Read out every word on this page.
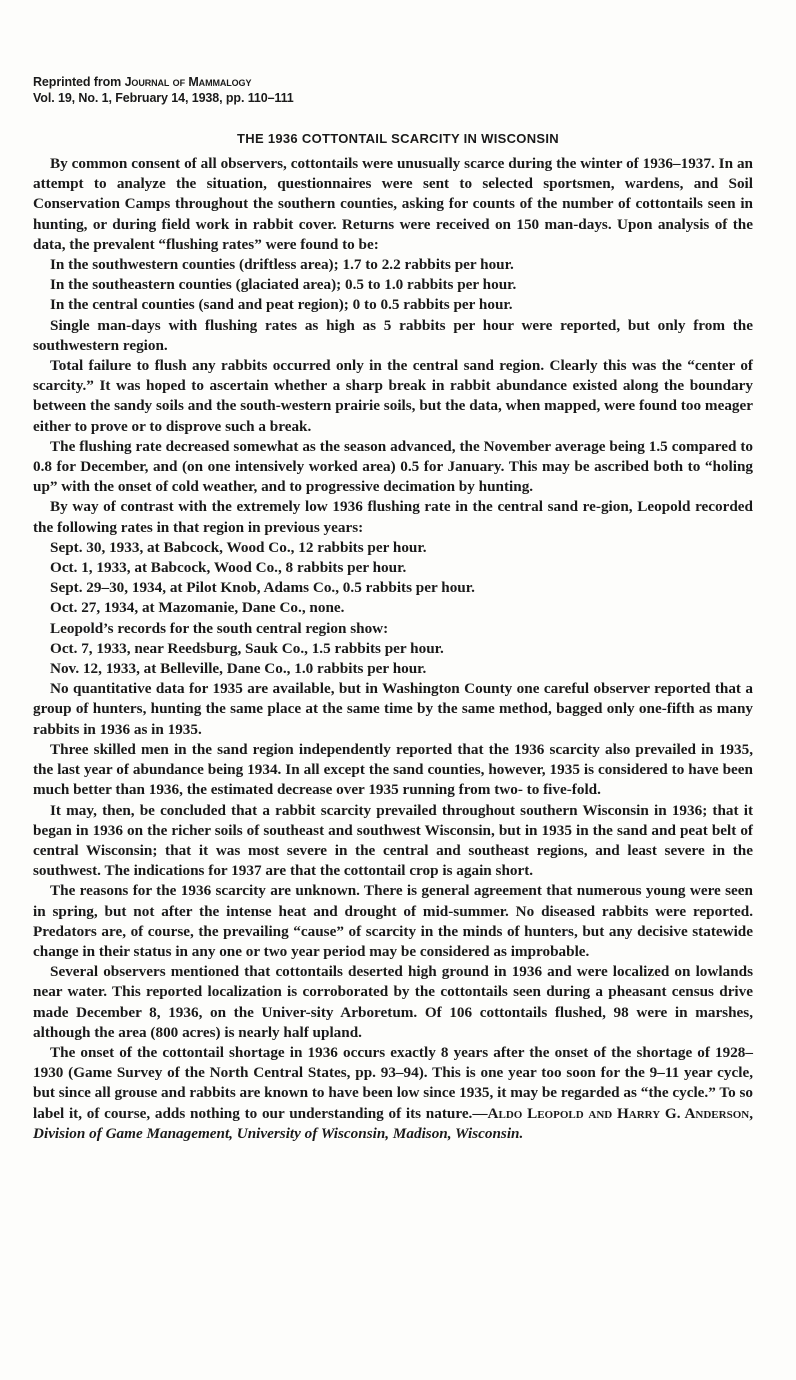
Reprinted from Journal of Mammalogy
Vol. 19, No. 1, February 14, 1938, pp. 110–111
THE 1936 COTTONTAIL SCARCITY IN WISCONSIN

By common consent of all observers, cottontails were unusually scarce during the winter of 1936–1937. In an attempt to analyze the situation, questionnaires were sent to selected sportsmen, wardens, and Soil Conservation Camps throughout the southern counties, asking for counts of the number of cottontails seen in hunting, or during field work in rabbit cover. Returns were received on 150 man-days. Upon analysis of the data, the prevalent “flushing rates” were found to be:

In the southwestern counties (driftless area); 1.7 to 2.2 rabbits per hour.

In the southeastern counties (glaciated area); 0.5 to 1.0 rabbits per hour.

In the central counties (sand and peat region); 0 to 0.5 rabbits per hour.

Single man-days with flushing rates as high as 5 rabbits per hour were reported, but only from the southwestern region.

Total failure to flush any rabbits occurred only in the central sand region. Clearly this was the “center of scarcity.” It was hoped to ascertain whether a sharp break in rabbit abundance existed along the boundary between the sandy soils and the south-western prairie soils, but the data, when mapped, were found too meager either to prove or to disprove such a break.

The flushing rate decreased somewhat as the season advanced, the November average being 1.5 compared to 0.8 for December, and (on one intensively worked area) 0.5 for January. This may be ascribed both to “holing up” with the onset of cold weather, and to progressive decimation by hunting.

By way of contrast with the extremely low 1936 flushing rate in the central sand re-gion, Leopold recorded the following rates in that region in previous years:

Sept. 30, 1933, at Babcock, Wood Co., 12 rabbits per hour.

Oct. 1, 1933, at Babcock, Wood Co., 8 rabbits per hour.

Sept. 29–30, 1934, at Pilot Knob, Adams Co., 0.5 rabbits per hour.

Oct. 27, 1934, at Mazomanie, Dane Co., none.

Leopold’s records for the south central region show:

Oct. 7, 1933, near Reedsburg, Sauk Co., 1.5 rabbits per hour.

Nov. 12, 1933, at Belleville, Dane Co., 1.0 rabbits per hour.

No quantitative data for 1935 are available, but in Washington County one careful observer reported that a group of hunters, hunting the same place at the same time by the same method, bagged only one-fifth as many rabbits in 1936 as in 1935.

Three skilled men in the sand region independently reported that the 1936 scarcity also prevailed in 1935, the last year of abundance being 1934. In all except the sand counties, however, 1935 is considered to have been much better than 1936, the estimated decrease over 1935 running from two- to five-fold.

It may, then, be concluded that a rabbit scarcity prevailed throughout southern Wisconsin in 1936; that it began in 1936 on the richer soils of southeast and southwest Wisconsin, but in 1935 in the sand and peat belt of central Wisconsin; that it was most severe in the central and southeast regions, and least severe in the southwest. The indications for 1937 are that the cottontail crop is again short.

The reasons for the 1936 scarcity are unknown. There is general agreement that numerous young were seen in spring, but not after the intense heat and drought of mid-summer. No diseased rabbits were reported. Predators are, of course, the prevailing “cause” of scarcity in the minds of hunters, but any decisive statewide change in their status in any one or two year period may be considered as improbable.

Several observers mentioned that cottontails deserted high ground in 1936 and were localized on lowlands near water. This reported localization is corroborated by the cottontails seen during a pheasant census drive made December 8, 1936, on the Univer-sity Arboretum. Of 106 cottontails flushed, 98 were in marshes, although the area (800 acres) is nearly half upland.

The onset of the cottontail shortage in 1936 occurs exactly 8 years after the onset of the shortage of 1928–1930 (Game Survey of the North Central States, pp. 93–94). This is one year too soon for the 9–11 year cycle, but since all grouse and rabbits are known to have been low since 1935, it may be regarded as “the cycle.” To so label it, of course, adds nothing to our understanding of its nature.—Aldo Leopold and Harry G. Anderson, Division of Game Management, University of Wisconsin, Madison, Wisconsin.
